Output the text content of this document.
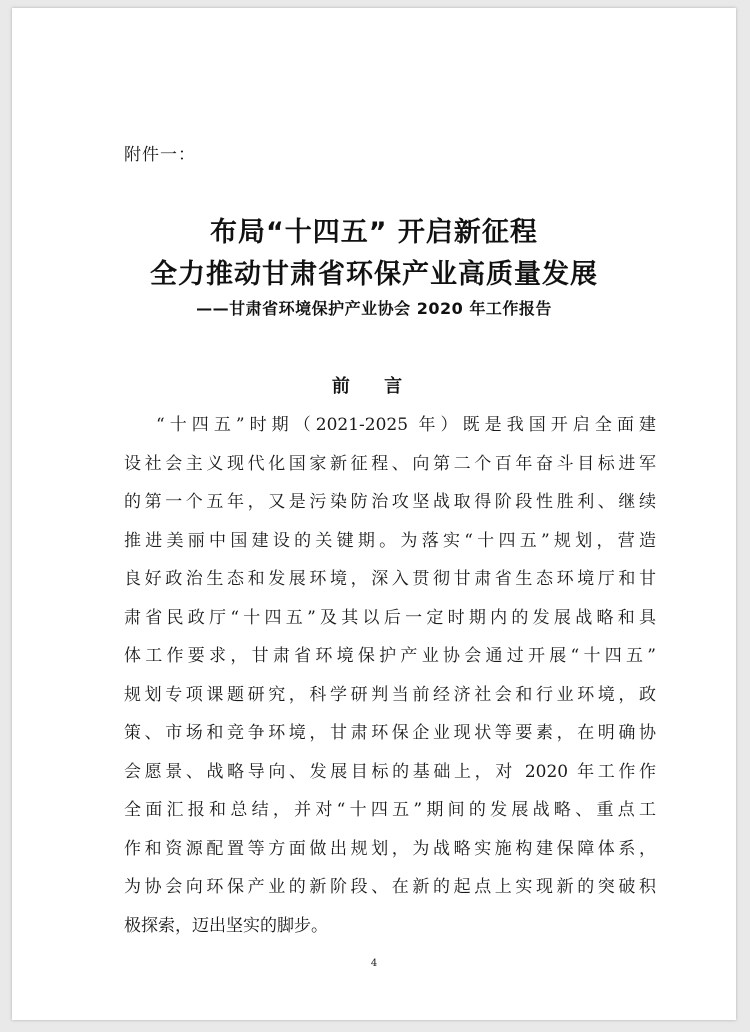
附件一：
布局“十四五” 开启新征程
全力推动甘肃省环保产业高质量发展
——甘肃省环境保护产业协会 2020 年工作报告
前 言
“十四五”时期（2021-2025 年）既是我国开启全面建
设社会主义现代化国家新征程、向第二个百年奋斗目标进军
的第一个五年，又是污染防治攻坚战取得阶段性胜利、继续
推进美丽中国建设的关键期。为落实“十四五”规划，营造
良好政治生态和发展环境，深入贯彻甘肃省生态环境厅和甘
肃省民政厅“十四五”及其以后一定时期内的发展战略和具
体工作要求，甘肃省环境保护产业协会通过开展“十四五”
规划专项课题研究，科学研判当前经济社会和行业环境，政
策、市场和竞争环境，甘肃环保企业现状等要素，在明确协
会愿景、战略导向、发展目标的基础上，对 2020 年工作作
全面汇报和总结，并对“十四五”期间的发展战略、重点工
作和资源配置等方面做出规划，为战略实施构建保障体系，
为协会向环保产业的新阶段、在新的起点上实现新的突破积
极探索，迈出坚实的脚步。
4
